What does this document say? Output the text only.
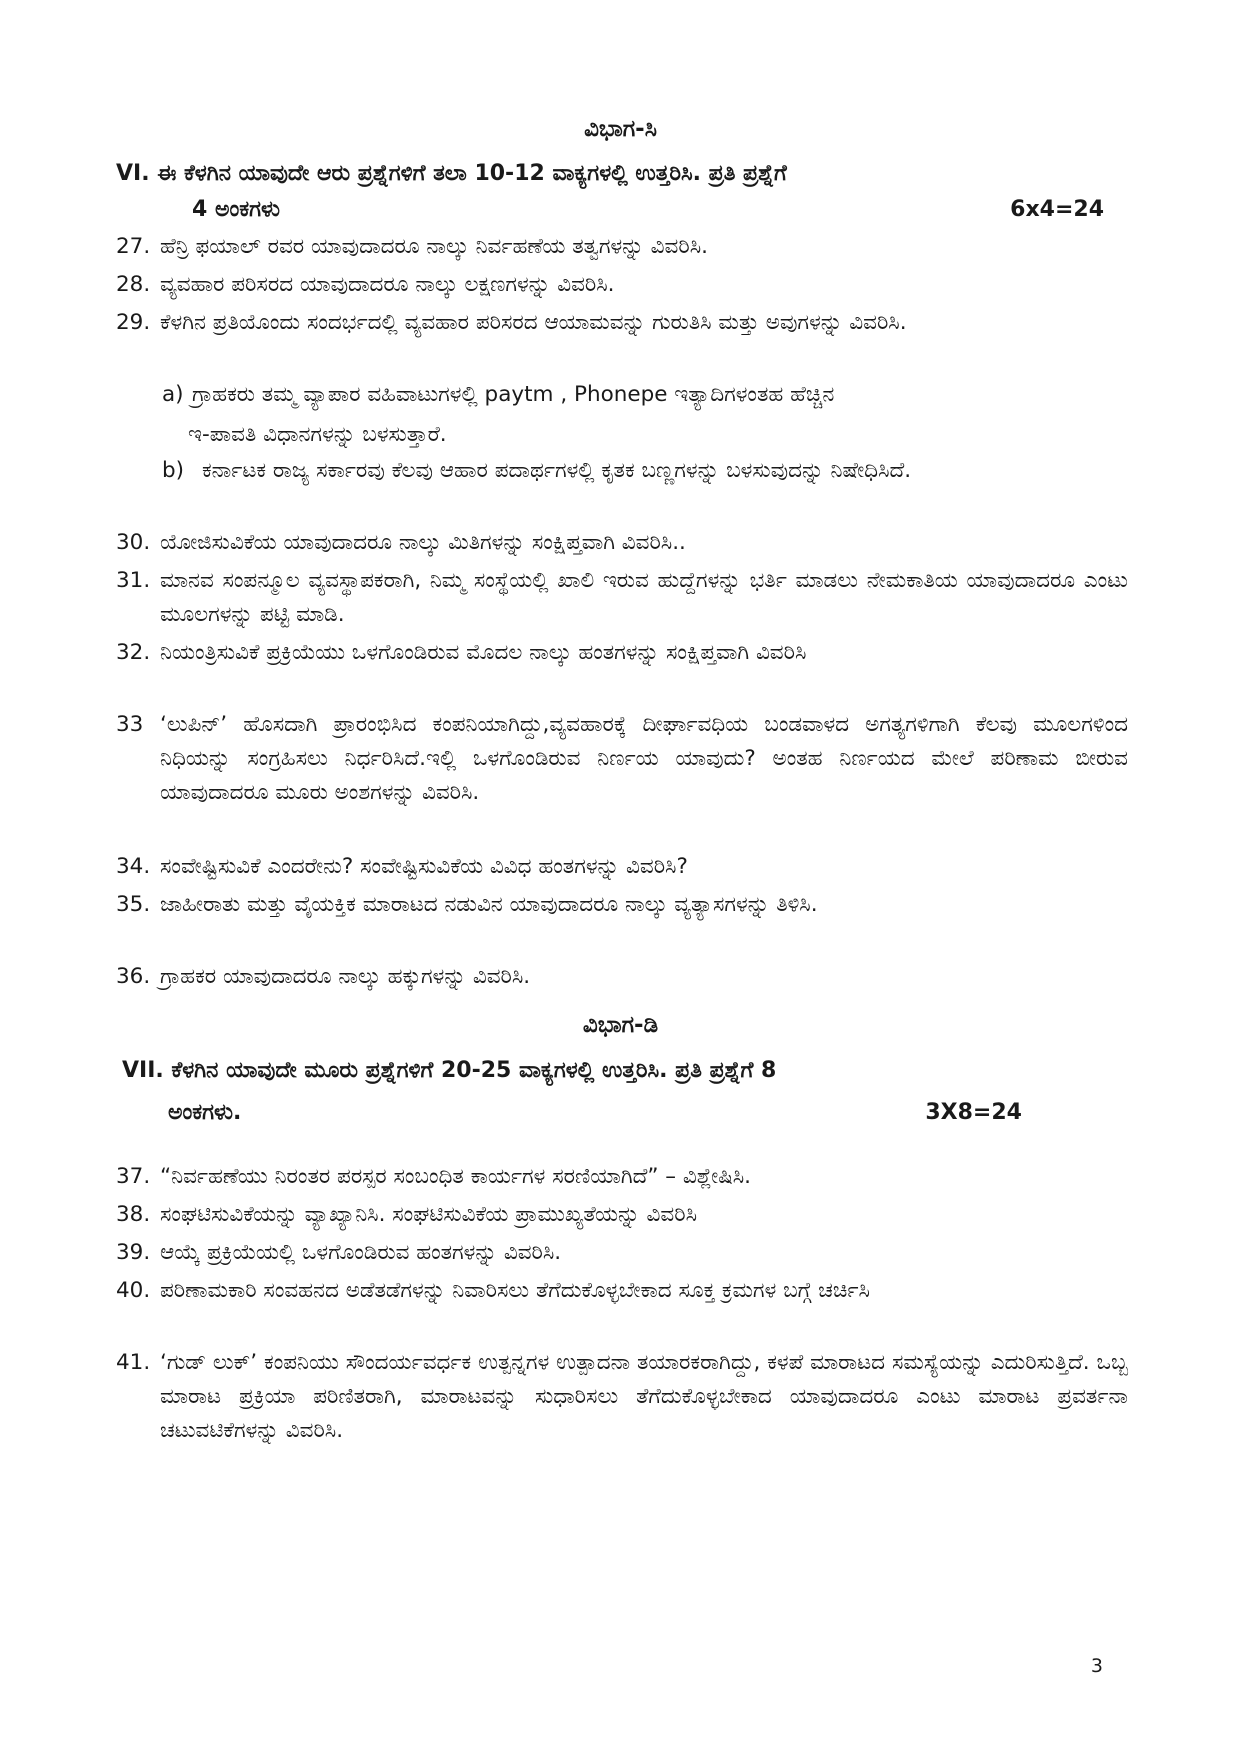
ವಿಭಾಗ-ಸಿ
VI. ಈ ಕೆಳಗಿನ ಯಾವುದೇ ಆರು ಪ್ರಶ್ನೆಗಳಿಗೆ ತಲಾ 10-12 ವಾಕ್ಯಗಳಲ್ಲಿ ಉತ್ತರಿಸಿ. ಪ್ರತಿ ಪ್ರಶ್ನೆಗೆ
4 ಅಂಕಗಳು	6x4=24
27. ಹೆನ್ರಿ ಫಯಾಲ್ ರವರ ಯಾವುದಾದರೂ ನಾಲ್ಕು ನಿರ್ವಹಣೆಯ ತತ್ವಗಳನ್ನು ವಿವರಿಸಿ.
28. ವ್ಯವಹಾರ ಪರಿಸರದ ಯಾವುದಾದರೂ ನಾಲ್ಕು ಲಕ್ಷಣಗಳನ್ನು ವಿವರಿಸಿ.
29. ಕೆಳಗಿನ ಪ್ರತಿಯೊಂದು ಸಂದರ್ಭದಲ್ಲಿ ವ್ಯವಹಾರ ಪರಿಸರದ ಆಯಾಮವನ್ನು ಗುರುತಿಸಿ ಮತ್ತು ಅವುಗಳನ್ನು ವಿವರಿಸಿ.
a) ಗ್ರಾಹಕರು ತಮ್ಮ ವ್ಯಾಪಾರ ವಹಿವಾಟುಗಳಲ್ಲಿ paytm , Phonepe ಇತ್ಯಾದಿಗಳಂತಹ ಹೆಚ್ಚಿನ
ಇ-ಪಾವತಿ ವಿಧಾನಗಳನ್ನು ಬಳಸುತ್ತಾರೆ.
b) ಕರ್ನಾಟಕ ರಾಜ್ಯ ಸರ್ಕಾರವು ಕೆಲವು ಆಹಾರ ಪದಾರ್ಥಗಳಲ್ಲಿ ಕೃತಕ ಬಣ್ಣಗಳನ್ನು ಬಳಸುವುದನ್ನು ನಿಷೇಧಿಸಿದೆ.
30. ಯೋಜಿಸುವಿಕೆಯ ಯಾವುದಾದರೂ ನಾಲ್ಕು ಮಿತಿಗಳನ್ನು ಸಂಕ್ಷಿಪ್ತವಾಗಿ ವಿವರಿಸಿ..
31. ಮಾನವ ಸಂಪನ್ಮೂಲ ವ್ಯವಸ್ಥಾಪಕರಾಗಿ, ನಿಮ್ಮ ಸಂಸ್ಥೆಯಲ್ಲಿ ಖಾಲಿ ಇರುವ ಹುದ್ದೆಗಳನ್ನು ಭರ್ತಿ ಮಾಡಲು ನೇಮಕಾತಿಯ ಯಾವುದಾದರೂ ಎಂಟು ಮೂಲಗಳನ್ನು ಪಟ್ಟಿ ಮಾಡಿ.
32. ನಿಯಂತ್ರಿಸುವಿಕೆ ಪ್ರಕ್ರಿಯೆಯು ಒಳಗೊಂಡಿರುವ ಮೊದಲ ನಾಲ್ಕು ಹಂತಗಳನ್ನು ಸಂಕ್ಷಿಪ್ತವಾಗಿ ವಿವರಿಸಿ
33 ‘ಲುಪಿನ್’ ಹೊಸದಾಗಿ ಪ್ರಾರಂಭಿಸಿದ ಕಂಪನಿಯಾಗಿದ್ದು,ವ್ಯವಹಾರಕ್ಕೆ ದೀರ್ಘಾವಧಿಯ ಬಂಡವಾಳದ ಅಗತ್ಯಗಳಿಗಾಗಿ ಕೆಲವು ಮೂಲಗಳಿಂದ ನಿಧಿಯನ್ನು ಸಂಗ್ರಹಿಸಲು ನಿರ್ಧರಿಸಿದೆ.ಇಲ್ಲಿ ಒಳಗೊಂಡಿರುವ ನಿರ್ಣಯ ಯಾವುದು? ಅಂತಹ ನಿರ್ಣಯದ ಮೇಲೆ ಪರಿಣಾಮ ಬೀರುವ ಯಾವುದಾದರೂ ಮೂರು ಅಂಶಗಳನ್ನು ವಿವರಿಸಿ.
34. ಸಂವೇಷ್ಟಿಸುವಿಕೆ ಎಂದರೇನು? ಸಂವೇಷ್ಟಿಸುವಿಕೆಯ ವಿವಿಧ ಹಂತಗಳನ್ನು ವಿವರಿಸಿ?
35. ಜಾಹೀರಾತು ಮತ್ತು ವೈಯಕ್ತಿಕ ಮಾರಾಟದ ನಡುವಿನ ಯಾವುದಾದರೂ ನಾಲ್ಕು ವ್ಯತ್ಯಾಸಗಳನ್ನು ತಿಳಿಸಿ.
36. ಗ್ರಾಹಕರ ಯಾವುದಾದರೂ ನಾಲ್ಕು ಹಕ್ಕುಗಳನ್ನು ವಿವರಿಸಿ.
ವಿಭಾಗ-ಡಿ
VII. ಕೆಳಗಿನ ಯಾವುದೇ ಮೂರು ಪ್ರಶ್ನೆಗಳಿಗೆ 20-25 ವಾಕ್ಯಗಳಲ್ಲಿ ಉತ್ತರಿಸಿ. ಪ್ರತಿ ಪ್ರಶ್ನೆಗೆ 8
ಅಂಕಗಳು.	3X8=24
37. “ನಿರ್ವಹಣೆಯು ನಿರಂತರ ಪರಸ್ಪರ ಸಂಬಂಧಿತ ಕಾರ್ಯಗಳ ಸರಣಿಯಾಗಿದೆ” – ವಿಶ್ಲೇಷಿಸಿ.
38. ಸಂಘಟಿಸುವಿಕೆಯನ್ನು ವ್ಯಾಖ್ಯಾನಿಸಿ. ಸಂಘಟಿಸುವಿಕೆಯ ಪ್ರಾಮುಖ್ಯತೆಯನ್ನು ವಿವರಿಸಿ
39. ಆಯ್ಕೆ ಪ್ರಕ್ರಿಯೆಯಲ್ಲಿ ಒಳಗೊಂಡಿರುವ ಹಂತಗಳನ್ನು ವಿವರಿಸಿ.
40. ಪರಿಣಾಮಕಾರಿ ಸಂವಹನದ ಅಡೆತಡೆಗಳನ್ನು ನಿವಾರಿಸಲು ತೆಗೆದುಕೊಳ್ಳಬೇಕಾದ ಸೂಕ್ತ ಕ್ರಮಗಳ ಬಗ್ಗೆ ಚರ್ಚಿಸಿ
41. ‘ಗುಡ್ ಲುಕ್’ ಕಂಪನಿಯು ಸೌಂದರ್ಯವರ್ಧಕ ಉತ್ಪನ್ನಗಳ ಉತ್ಪಾದನಾ ತಯಾರಕರಾಗಿದ್ದು, ಕಳಪೆ ಮಾರಾಟದ ಸಮಸ್ಯೆಯನ್ನು ಎದುರಿಸುತ್ತಿದೆ. ಒಬ್ಬ ಮಾರಾಟ ಪ್ರಕ್ರಿಯಾ ಪರಿಣಿತರಾಗಿ, ಮಾರಾಟವನ್ನು ಸುಧಾರಿಸಲು ತೆಗೆದುಕೊಳ್ಳಬೇಕಾದ ಯಾವುದಾದರೂ ಎಂಟು ಮಾರಾಟ ಪ್ರವರ್ತನಾ ಚಟುವಟಿಕೆಗಳನ್ನು ವಿವರಿಸಿ.
3
